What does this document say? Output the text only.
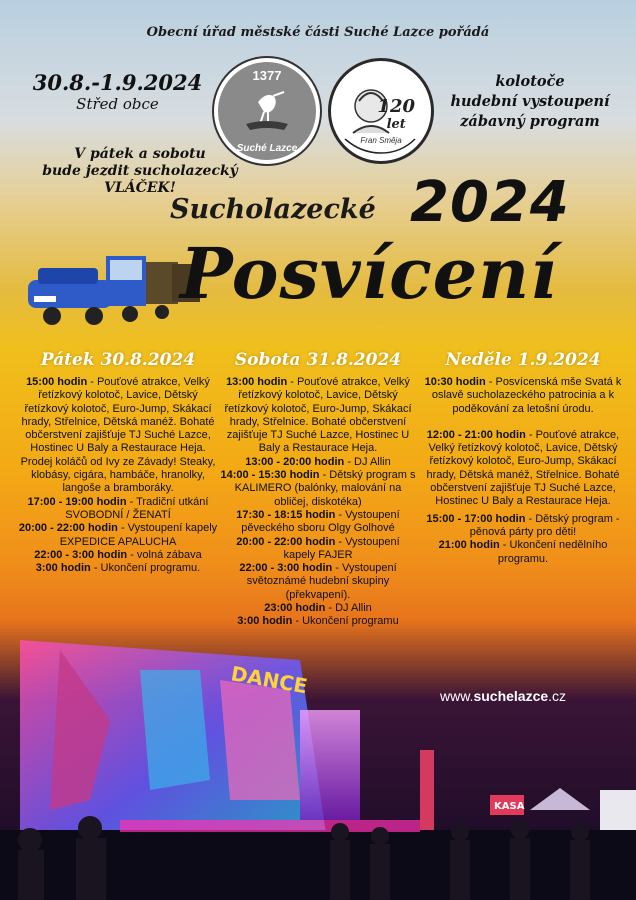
Obecní úřad městské části Suché Lazce pořádá
30.8.-1.9.2024
Střed obce
V pátek a sobotu
bude jezdit sucholazecký
VLÁČEK!
kolotoče
hudební vystoupení
zábavný program
1377
Suché Lazce
120
let
Fran Směja
Sucholazecké 2024
Posvícení
DANCE
KASA
Pátek 30.8.2024

15:00 hodin - Pouťové atrakce, Velký řetízkový kolotoč, Lavice, Dětský řetízkový kolotoč, Euro-Jump, Skákací hrady, Střelnice, Dětská manéž. Bohaté občerstvení zajišťuje TJ Suché Lazce, Hostinec U Baly a Restaurace Heja. Prodej koláčů od Ivy ze Závady! Steaky, klobásy, cigára, hambáče, hranolky, langoše a bramboráky.

17:00 - 19:00 hodin - Tradiční utkání SVOBODNÍ / ŽENATÍ

20:00 - 22:00 hodin - Vystoupení kapely EXPEDICE APALUCHA

22:00 - 3:00 hodin - volná zábava

3:00 hodin - Ukončení programu.

Sobota 31.8.2024

13:00 hodin - Pouťové atrakce, Velký řetízkový kolotoč, Lavice, Dětský řetízkový kolotoč, Euro-Jump, Skákací hrady, Střelnice. Bohaté občerstvení zajišťuje TJ Suché Lazce, Hostinec U Baly a Restaurace Heja.

13:00 - 20:00 hodin - DJ Allin

14:00 - 15:30 hodin - Dětský program s KALIMERO (balónky, malování na obličej, diskotéka)

17:30 - 18:15 hodin - Vystoupení pěveckého sboru Olgy Golhové

20:00 - 22:00 hodin - Vystoupení kapely FAJER

22:00 - 3:00 hodin - Vystoupení světoznámé hudební skupiny (překvapení).

23:00 hodin - DJ Allin

3:00 hodin - Ukončení programu

Neděle 1.9.2024

10:30 hodin - Posvícenská mše Svatá k oslavě sucholazeckého patrocinia a k poděkování za letošní úrodu.

12:00 - 21:00 hodin - Pouťové atrakce, Velký řetízkový kolotoč, Lavice, Dětský řetízkový kolotoč, Euro-Jump, Skákací hrady, Dětská manéž, Střelnice. Bohaté občerstvení zajišťuje TJ Suché Lazce, Hostinec U Baly a Restaurace Heja.

15:00 - 17:00 hodin - Dětský program - pěnová párty pro děti!

21:00 hodin - Ukončení nedělního programu.

www.suchelazce.cz
